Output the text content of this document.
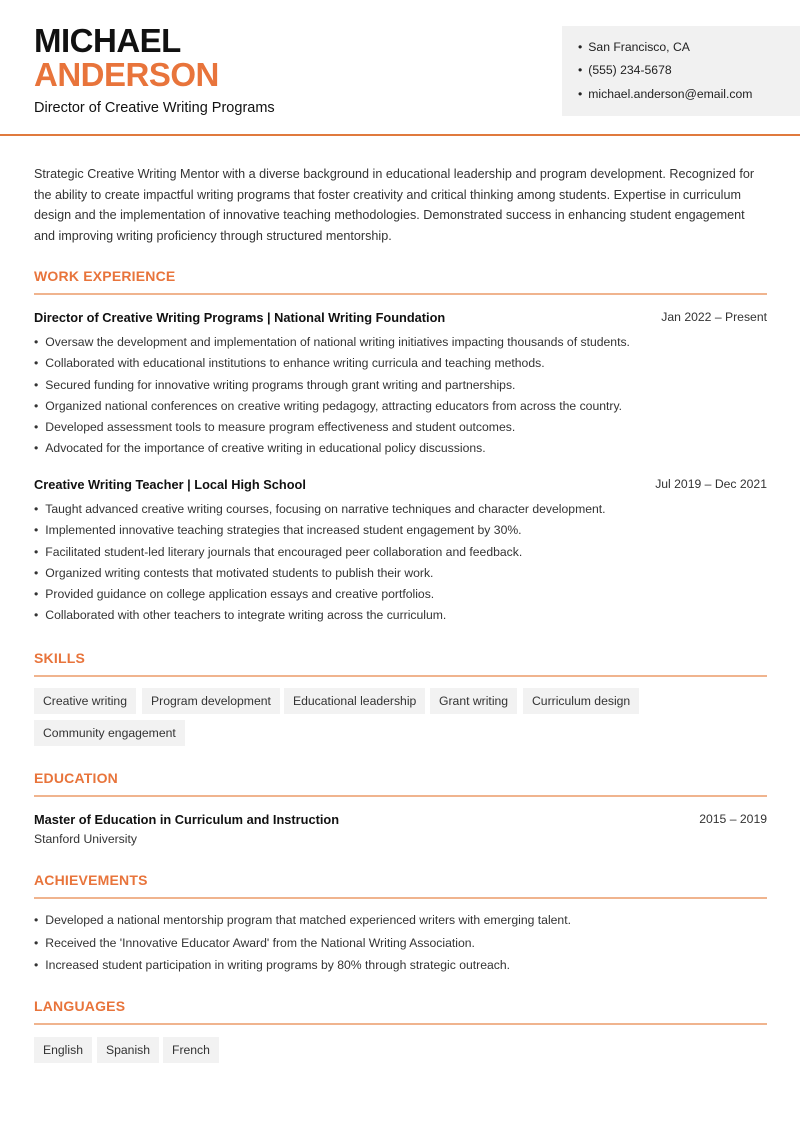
MICHAEL
ANDERSON
Director of Creative Writing Programs
• San Francisco, CA
• (555) 234-5678
• michael.anderson@email.com
Strategic Creative Writing Mentor with a diverse background in educational leadership and program development. Recognized for the ability to create impactful writing programs that foster creativity and critical thinking among students. Expertise in curriculum design and the implementation of innovative teaching methodologies. Demonstrated success in enhancing student engagement and improving writing proficiency through structured mentorship.
WORK EXPERIENCE
Director of Creative Writing Programs | National Writing Foundation	Jan 2022 – Present
• Oversaw the development and implementation of national writing initiatives impacting thousands of students.
• Collaborated with educational institutions to enhance writing curricula and teaching methods.
• Secured funding for innovative writing programs through grant writing and partnerships.
• Organized national conferences on creative writing pedagogy, attracting educators from across the country.
• Developed assessment tools to measure program effectiveness and student outcomes.
• Advocated for the importance of creative writing in educational policy discussions.
Creative Writing Teacher | Local High School	Jul 2019 – Dec 2021
• Taught advanced creative writing courses, focusing on narrative techniques and character development.
• Implemented innovative teaching strategies that increased student engagement by 30%.
• Facilitated student-led literary journals that encouraged peer collaboration and feedback.
• Organized writing contests that motivated students to publish their work.
• Provided guidance on college application essays and creative portfolios.
• Collaborated with other teachers to integrate writing across the curriculum.
SKILLS
Creative writing	Program development	Educational leadership	Grant writing	Curriculum design
Community engagement
EDUCATION
Master of Education in Curriculum and Instruction	2015 – 2019
Stanford University
ACHIEVEMENTS
• Developed a national mentorship program that matched experienced writers with emerging talent.
• Received the 'Innovative Educator Award' from the National Writing Association.
• Increased student participation in writing programs by 80% through strategic outreach.
LANGUAGES
English	Spanish	French
